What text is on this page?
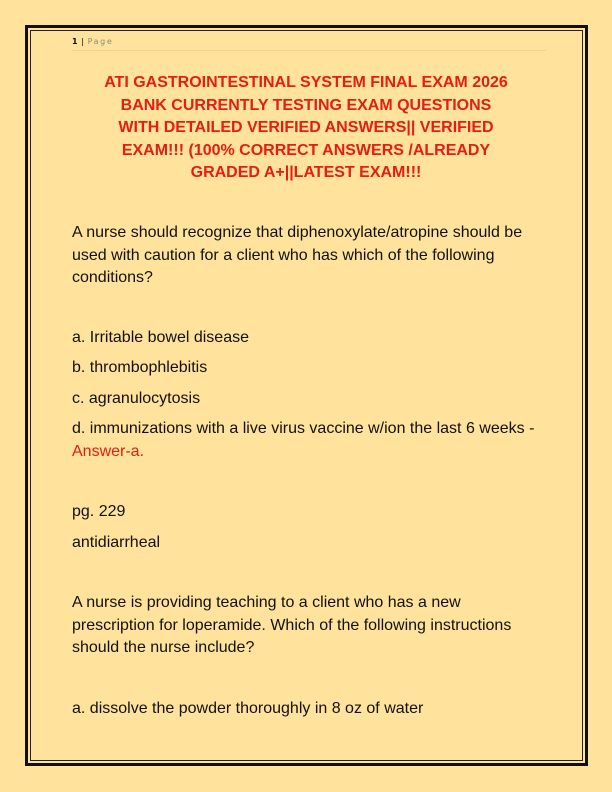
1 | Page
ATI GASTROINTESTINAL SYSTEM FINAL EXAM 2026
BANK CURRENTLY TESTING EXAM QUESTIONS
WITH DETAILED VERIFIED ANSWERS|| VERIFIED
EXAM!!! (100% CORRECT ANSWERS /ALREADY
GRADED A+||LATEST EXAM!!!
A nurse should recognize that diphenoxylate/atropine should be used with caution for a client who has which of the following conditions?
a. Irritable bowel disease
b. thrombophlebitis
c. agranulocytosis
d. immunizations with a live virus vaccine w/ion the last 6 weeks - Answer-a.
pg. 229
antidiarrheal
A nurse is providing teaching to a client who has a new prescription for loperamide. Which of the following instructions should the nurse include?
a. dissolve the powder thoroughly in 8 oz of water
